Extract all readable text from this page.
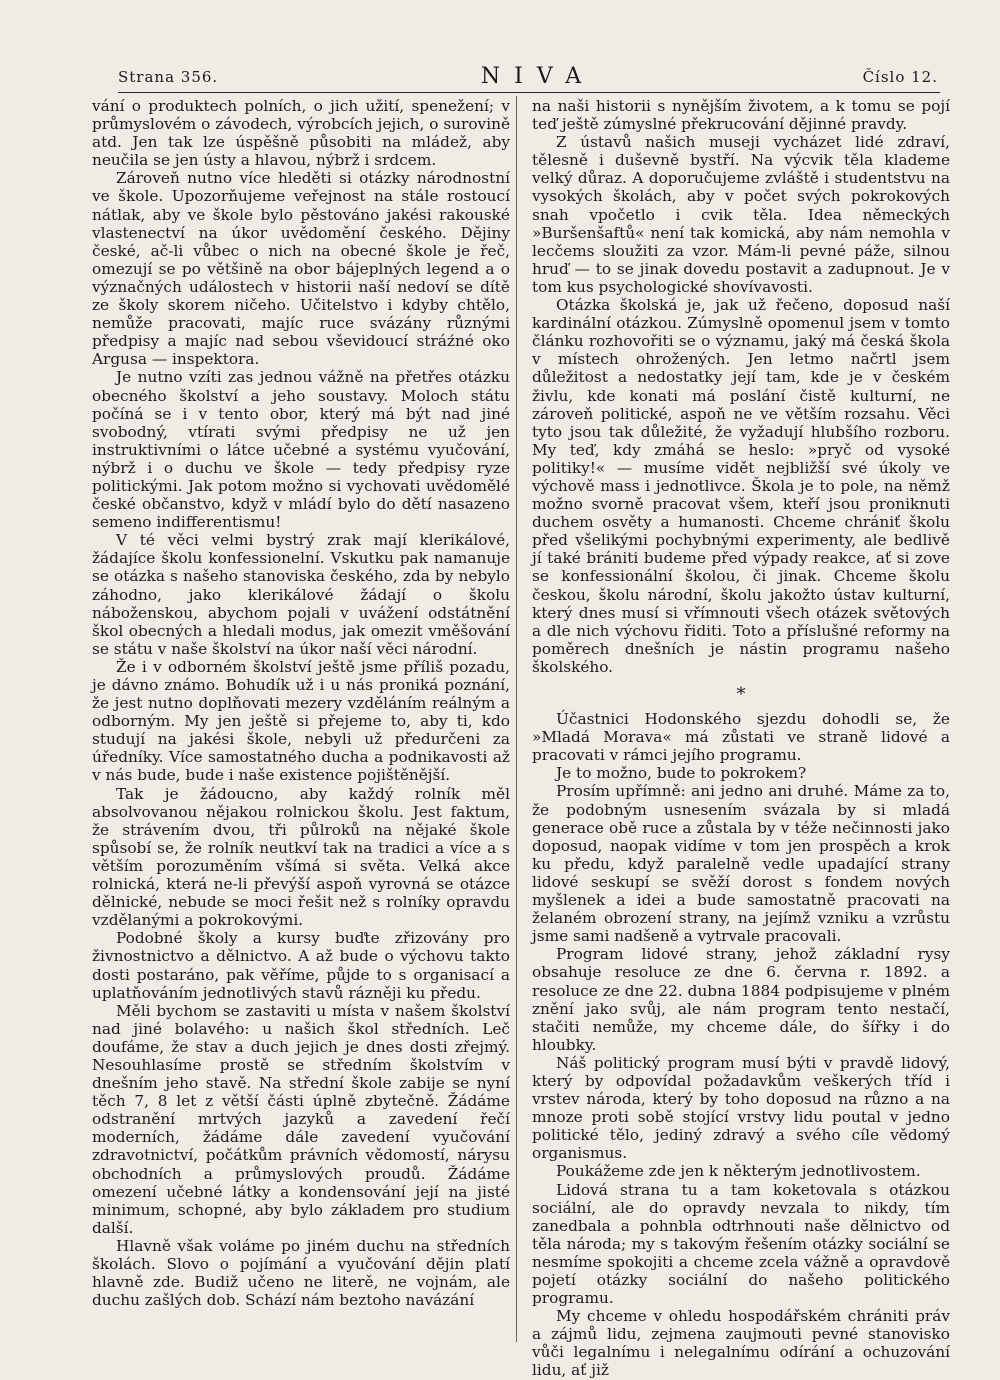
Strana 356.	NIVA	Číslo 12.

vání o produktech polních, o jich užití, spenežení; v průmyslovém o závodech, výrobcích jejich, o surovině atd. Jen tak lze úspěšně působiti na mládež, aby neučila se jen ústy a hlavou, nýbrž i srdcem.

Zároveň nutno více hleděti si otázky národnostní ve škole. Upozorňujeme veřejnost na stále rostoucí nátlak, aby ve škole bylo pěstováno jakési rakouské vlastenectví na úkor uvědomění českého. Dějiny české, ač-li vůbec o nich na obecné škole je řeč, omezují se po většině na obor bájeplných legend a o význačných událostech v historii naší nedoví se dítě ze školy skorem ničeho. Učitelstvo i kdyby chtělo, nemůže pracovati, majíc ruce svázány různými předpisy a majíc nad sebou vševidoucí stráźné oko Argusa — inspektora.

Je nutno vzíti zas jednou vážně na přetřes otázku obecného školství a jeho soustavy. Moloch státu počíná se i v tento obor, který má být nad jiné svobodný, vtírati svými předpisy ne už jen instruktivními o látce učebné a systému vyučování, nýbrž i o duchu ve škole — tedy předpisy ryze politickými. Jak potom možno si vychovati uvědomělé české občanstvo, když v mládí bylo do dětí nasazeno semeno indifferentismu!

V té věci velmi bystrý zrak mají klerikálové, žádajíce školu konfessionelní. Vskutku pak namanuje se otázka s našeho stanoviska českého, zda by nebylo záhodno, jako klerikálové žádají o školu náboženskou, abychom pojali v uvážení odstátnění škol obecných a hledali modus, jak omezit vměšování se státu v naše školství na úkor naší věci národní.

Že i v odborném školství ještě jsme příliš pozadu, je dávno známo. Bohudík už i u nás proniká poznání, že jest nutno doplňovati mezery vzděláním reálným a odborným. My jen ještě si přejeme to, aby ti, kdo studují na jakési škole, nebyli už předurčeni za úředníky. Více samostatného ducha a podnikavosti až v nás bude, bude i naše existence pojištěnější.

Tak je žádoucno, aby každý rolník měl absolvovanou nějakou rolnickou školu. Jest faktum, že strávením dvou, tři půlroků na nějaké škole spůsobí se, že rolník neutkví tak na tradici a více a s větším porozuměním všímá si světa. Velká akce rolnická, která ne-li převýší aspoň vyrovná se otázce dělnické, nebude se moci řešit než s rolníky opravdu vzdělanými a pokrokovými.

Podobné školy a kursy buďte zřizovány pro živnostnictvo a dělnictvo. A až bude o výchovu takto dosti postaráno, pak věříme, půjde to s organisací a uplatňováním jednotlivých stavů rázněji ku předu.

Měli bychom se zastaviti u místa v našem školství nad jiné bolavého: u našich škol středních. Leč doufáme, že stav a duch jejich je dnes dosti zřejmý. Nesouhlasíme prostě se středním školstvím v dnešním jeho stavě. Na střední škole zabije se nyní těch 7, 8 let z větší části úplně zbytečně. Žádáme odstranění mrtvých jazyků a zavedení řečí moderních, žádáme dále zavedení vyučování zdravotnictví, počátkům právních vědomostí, nárysu obchodních a průmyslových proudů. Žádáme omezení učebné látky a kondensování její na jisté minimum, schopné, aby bylo základem pro studium další.

Hlavně však voláme po jiném duchu na středních školách. Slovo o pojímání a vyučování dějin platí hlavně zde. Budiž učeno ne literě, ne vojnám, ale duchu zašlých dob. Schází nám beztoho navázání

na naši historii s nynějším životem, a k tomu se pojí teď ještě zúmyslné překrucování dějinné pravdy.

Z ústavů našich museji vycházet lidé zdraví, tělesně i duševně bystří. Na výcvik těla klademe velký důraz. A doporučujeme zvláště i studentstvu na vysokých školách, aby v počet svých pokrokových snah vpočetlo i cvik těla. Idea německých »Buršenšaftů« není tak komická, aby nám nemohla v lecčems sloužiti za vzor. Mám-li pevné páže, silnou hruď — to se jinak dovedu postavit a zadupnout. Je v tom kus psychologické shovívavosti.

Otázka školská je, jak už řečeno, doposud naší kardinální otázkou. Zúmyslně opomenul jsem v tomto článku rozhovořiti se o významu, jaký má česká škola v místech ohrožených. Jen letmo načrtl jsem důležitost a nedostatky její tam, kde je v českém živlu, kde konati má poslání čistě kulturní, ne zároveň politické, aspoň ne ve větším rozsahu. Věci tyto jsou tak důležité, že vyžadují hlubšího rozboru. My teď, kdy zmáhá se heslo: »pryč od vysoké politiky!« — musíme vidět nejbližší své úkoly ve výchově mass i jednotlivce. Škola je to pole, na němž možno svorně pracovat všem, kteří jsou proniknuti duchem osvěty a humanosti. Chceme chrániť školu před všelikými pochybnými experimenty, ale bedlivě jí také brániti budeme před výpady reakce, ať si zove se konfessionální školou, či jinak. Chceme školu českou, školu národní, školu jakožto ústav kulturní, který dnes musí si vřímnouti všech otázek světových a dle nich výchovu řiditi. Toto a příslušné reformy na poměrech dnešních je nástin programu našeho školského.

*

Účastnici Hodonského sjezdu dohodli se, že »Mladá Morava« má zůstati ve straně lidové a pracovati v rámci jejího programu.

Je to možno, bude to pokrokem?

Prosím upřímně: ani jedno ani druhé. Máme za to, že podobným usnesením svázala by si mladá generace obě ruce a zůstala by v téže nečinnosti jako doposud, naopak vidíme v tom jen prospěch a krok ku předu, když paralelně vedle upadající strany lidové seskupí se svěží dorost s fondem nových myšlenek a idei a bude samostatně pracovati na želaném obrození strany, na jejímž vzniku a vzrůstu jsme sami nadšeně a vytrvale pracovali.

Program lidové strany, jehož základní rysy obsahuje resoluce ze dne 6. června r. 1892. a resoluce ze dne 22. dubna 1884 podpisujeme v plném znění jako svůj, ale nám program tento nestačí, stačiti nemůže, my chceme dále, do šířky i do hloubky.

Náš politický program musí býti v pravdě lidový, který by odpovídal požadavkům veškerých tříd i vrstev národa, který by toho doposud na různo a na mnoze proti sobě stojící vrstvy lidu poutal v jedno politické tělo, jediný zdravý a svého cíle vědomý organismus.

Poukážeme zde jen k některým jednotlivostem.

Lidová strana tu a tam koketovala s otázkou sociální, ale do opravdy nevzala to nikdy, tím zanedbala a pohnbla odtrhnouti naše dělnictvo od těla národa; my s takovým řešením otázky sociální se nesmíme spokojiti a chceme zcela vážně a opravdově pojetí otázky sociální do našeho politického programu.

My chceme v ohledu hospodářském chrániti práv a zájmů lidu, zejmena zaujmouti pevné stanovisko vůči legalnímu i nelegalnímu odírání a ochuzování lidu, ať již
